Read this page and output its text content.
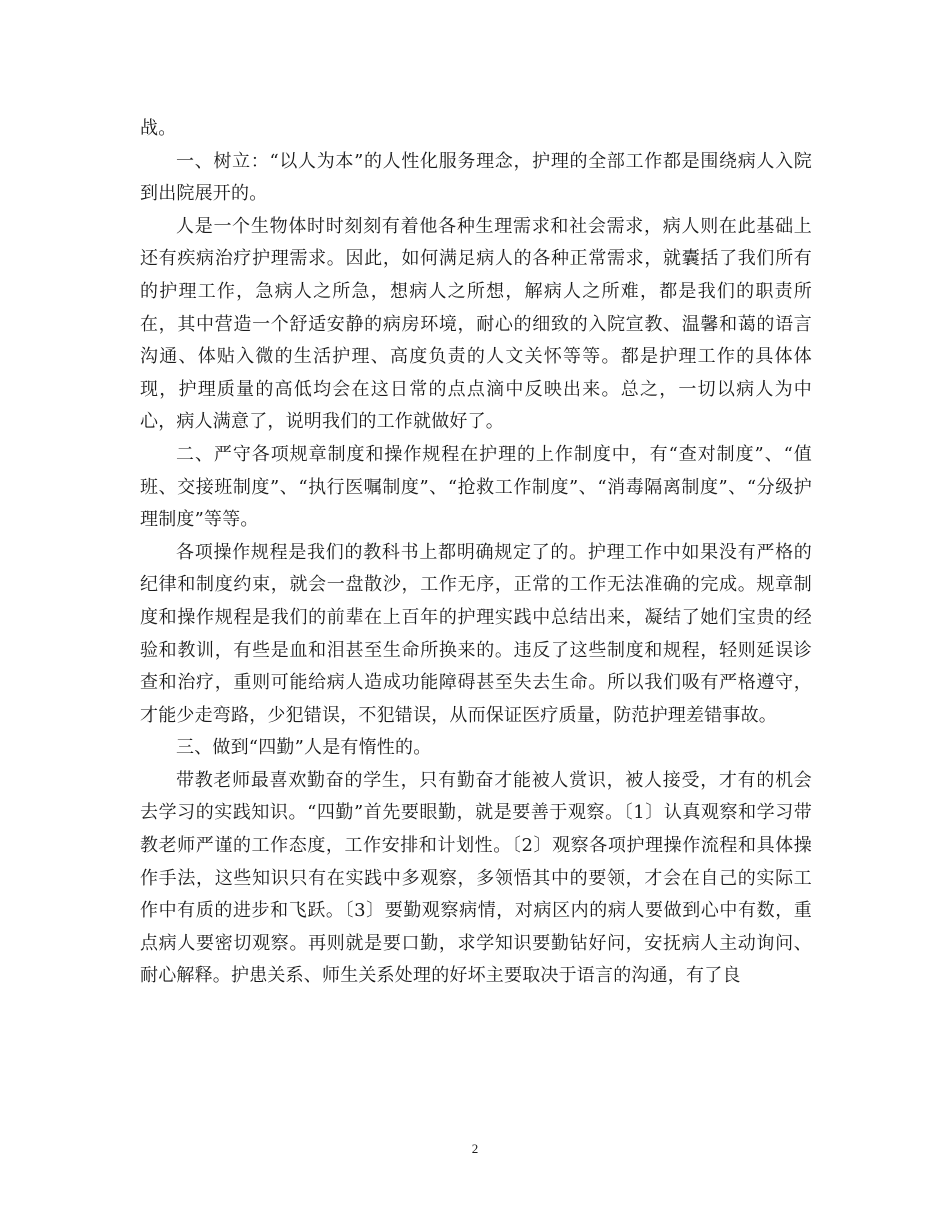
战。

一、树立：“以人为本”的人性化服务理念，护理的全部工作都是围绕病人入院到出院展开的。

人是一个生物体时时刻刻有着他各种生理需求和社会需求，病人则在此基础上还有疾病治疗护理需求。因此，如何满足病人的各种正常需求，就囊括了我们所有的护理工作，急病人之所急，想病人之所想，解病人之所难，都是我们的职责所在，其中营造一个舒适安静的病房环境，耐心的细致的入院宣教、温馨和蔼的语言沟通、体贴入微的生活护理、高度负责的人文关怀等等。都是护理工作的具体体现，护理质量的高低均会在这日常的点点滴中反映出来。总之，一切以病人为中心，病人满意了，说明我们的工作就做好了。

二、严守各项规章制度和操作规程在护理的上作制度中，有“查对制度”、“值班、交接班制度”、“执行医嘱制度”、“抢救工作制度”、“消毒隔离制度”、“分级护理制度”等等。

各项操作规程是我们的教科书上都明确规定了的。护理工作中如果没有严格的纪律和制度约束，就会一盘散沙，工作无序，正常的工作无法准确的完成。规章制度和操作规程是我们的前辈在上百年的护理实践中总结出来，凝结了她们宝贵的经验和教训，有些是血和泪甚至生命所换来的。违反了这些制度和规程，轻则延误诊查和治疗，重则可能给病人造成功能障碍甚至失去生命。所以我们吸有严格遵守，才能少走弯路，少犯错误，不犯错误，从而保证医疗质量，防范护理差错事故。

三、做到“四勤”人是有惰性的。

带教老师最喜欢勤奋的学生，只有勤奋才能被人赏识，被人接受，才有的机会去学习的实践知识。“四勤”首先要眼勤，就是要善于观察。〔1〕认真观察和学习带教老师严谨的工作态度，工作安排和计划性。〔2〕观察各项护理操作流程和具体操作手法，这些知识只有在实践中多观察，多领悟其中的要领，才会在自己的实际工作中有质的进步和飞跃。〔3〕要勤观察病情，对病区内的病人要做到心中有数，重点病人要密切观察。再则就是要口勤，求学知识要勤钻好问，安抚病人主动询问、耐心解释。护患关系、师生关系处理的好坏主要取决于语言的沟通，有了良

2
